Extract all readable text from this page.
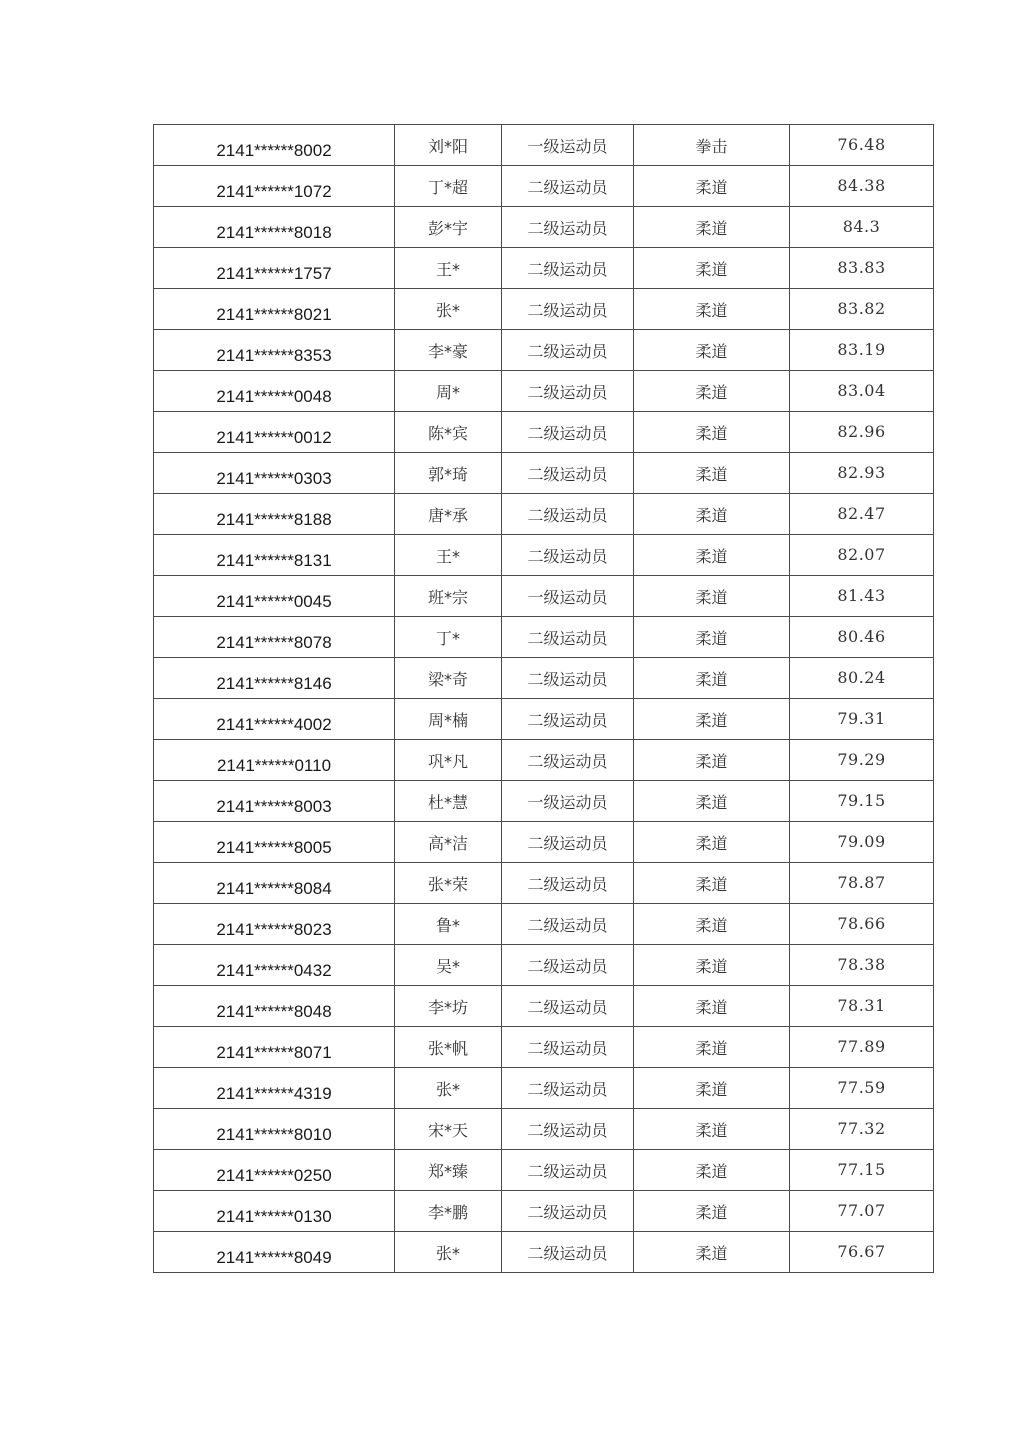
2141******8002	刘*阳	一级运动员	拳击	76.48
2141******1072	丁*超	二级运动员	柔道	84.38
2141******8018	彭*宇	二级运动员	柔道	84.3
2141******1757	王*	二级运动员	柔道	83.83
2141******8021	张*	二级运动员	柔道	83.82
2141******8353	李*豪	二级运动员	柔道	83.19
2141******0048	周*	二级运动员	柔道	83.04
2141******0012	陈*宾	二级运动员	柔道	82.96
2141******0303	郭*琦	二级运动员	柔道	82.93
2141******8188	唐*承	二级运动员	柔道	82.47
2141******8131	王*	二级运动员	柔道	82.07
2141******0045	班*宗	一级运动员	柔道	81.43
2141******8078	丁*	二级运动员	柔道	80.46
2141******8146	梁*奇	二级运动员	柔道	80.24
2141******4002	周*楠	二级运动员	柔道	79.31
2141******0110	巩*凡	二级运动员	柔道	79.29
2141******8003	杜*慧	一级运动员	柔道	79.15
2141******8005	高*洁	二级运动员	柔道	79.09
2141******8084	张*荣	二级运动员	柔道	78.87
2141******8023	鲁*	二级运动员	柔道	78.66
2141******0432	吴*	二级运动员	柔道	78.38
2141******8048	李*坊	二级运动员	柔道	78.31
2141******8071	张*帆	二级运动员	柔道	77.89
2141******4319	张*	二级运动员	柔道	77.59
2141******8010	宋*天	二级运动员	柔道	77.32
2141******0250	郑*臻	二级运动员	柔道	77.15
2141******0130	李*鹏	二级运动员	柔道	77.07
2141******8049	张*	二级运动员	柔道	76.67
